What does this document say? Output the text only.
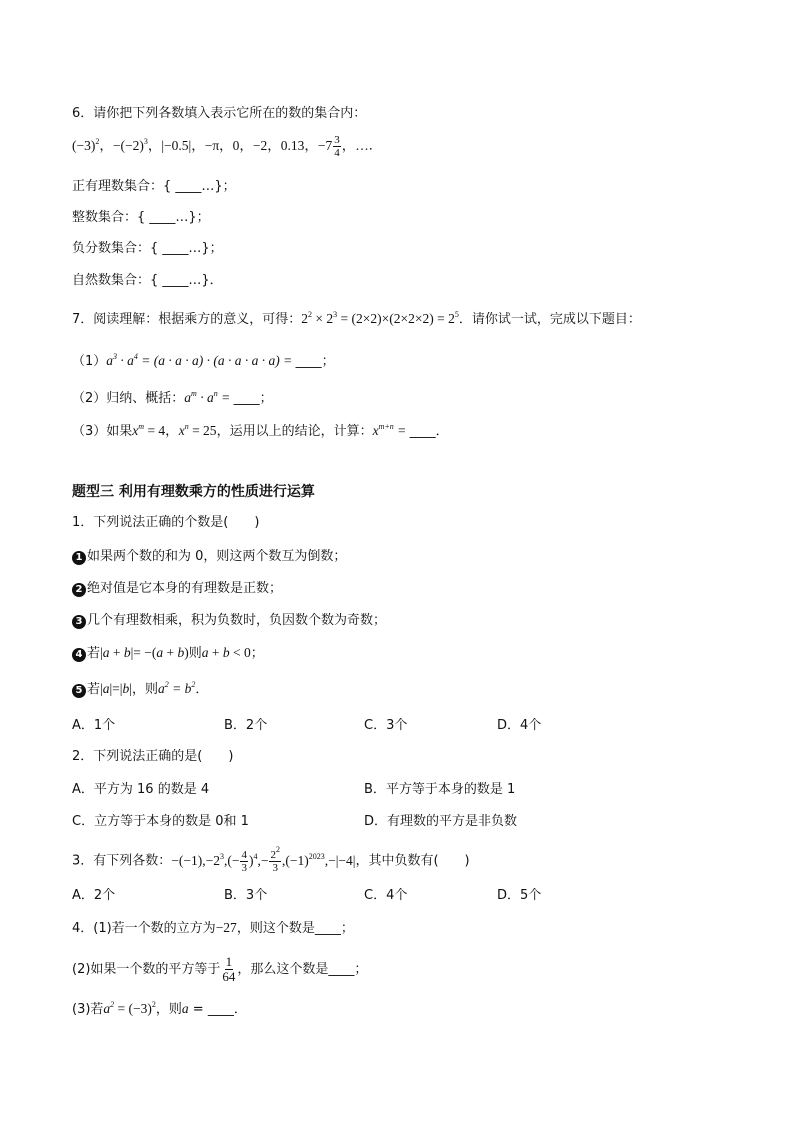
6．请你把下列各数填入表示它所在的数的集合内：
$(-3)^2$，$-(-2)^3$，|−0.5|，−π，0，−2，0.13，$-7 \frac{3}{4}$ ，…．
正有理数集合：{ ____…}；
整数集合：{ ____…}；
负分数集合：{ ____…}；
自然数集合：{ ____…}．
7．阅读理解：根据乘方的意义，可得：$2^2 \times 2^3 = (2\times 2)\times(2\times 2\times 2) = 2^5$．请你试一试，完成以下题目：
$(1)a^3 \cdot a^4 = (a \cdot a \cdot a) \cdot (a \cdot a \cdot a \cdot a)$ = ____；
（2）归纳、概括：$a^m \cdot a^n$ = ____；
（3）如果$x^m = 4$，$x^n = 25$，运用以上的结论，计算：$x^{m+n}$ = ____．
题型三 利用有理数乘方的性质进行运算
1．下列说法正确的个数是(　　)
1 如果两个数的和为 0，则这两个数互为倒数；
2 绝对值是它本身的有理数是正数；
3 几个有理数相乘，积为负数时，负因数个数为奇数；
4 若|a + b|= −(a + b)则a + b < 0；
5 若|a|=|b|，则$a^2 = b^2$．
A．1个	B．2个	C．3个	D．4个
2．下列说法正确的是(　　)
A．平方为 16 的数是 4	B．平方等于本身的数是 1
C．立方等于本身的数是 0和 1	D．有理数的平方是非负数
3．有下列各数：$-(-1),-2^3,(- \frac{4}{3} )^4,- \frac{2^2}{3} ,(-1)^{2023},-|-4|$，其中负数有(　　)
A．2个	B．3个	C．4个	D．5个
4．(1)若一个数的立方为−27，则这个数是____；
(2)如果一个数的平方等于 $\frac{1}{64}$ ，那么这个数是____；
(3)若$a^2 = (-3)^2$，则a = ____．
